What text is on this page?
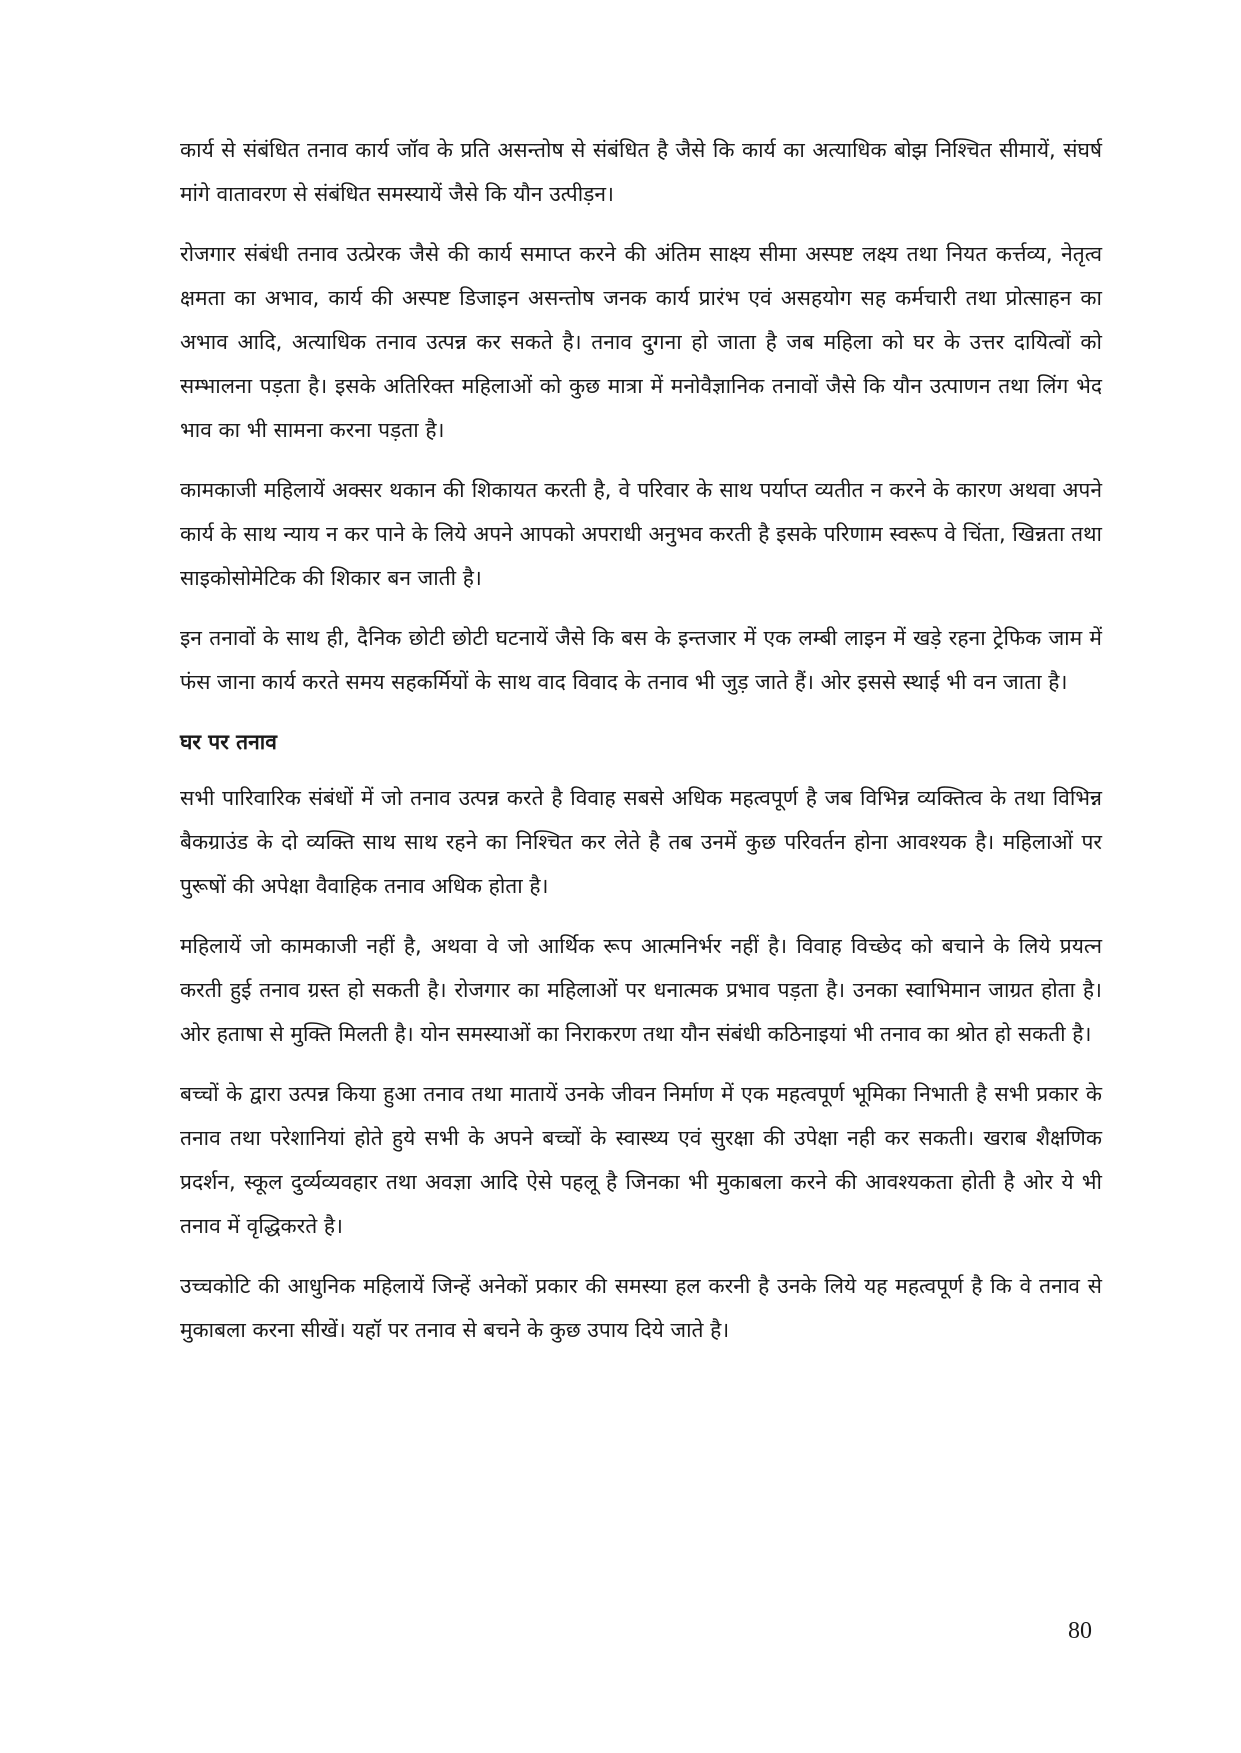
कार्य से संबंधित तनाव कार्य जॉव के प्रति असन्तोष से संबंधित है जैसे कि कार्य का अत्याधिक बोझ निश्चित सीमायें, संघर्ष मांगे वातावरण से संबंधित समस्यायें जैसे कि यौन उत्पीड़न।

रोजगार संबंधी तनाव उत्प्रेरक जैसे की कार्य समाप्त करने की अंतिम साक्ष्य सीमा अस्पष्ट लक्ष्य तथा नियत कर्त्तव्य, नेतृत्व क्षमता का अभाव, कार्य की अस्पष्ट डिजाइन असन्तोष जनक कार्य प्रारंभ एवं असहयोग सह कर्मचारी तथा प्रोत्साहन का अभाव आदि, अत्याधिक तनाव उत्पन्न कर सकते है। तनाव दुगना हो जाता है जब महिला को घर के उत्तर दायित्वों को सम्भालना पड़ता है। इसके अतिरिक्त महिलाओं को कुछ मात्रा में मनोवैज्ञानिक तनावों जैसे कि यौन उत्पाणन तथा लिंग भेद भाव का भी सामना करना पड़ता है।

कामकाजी महिलायें अक्सर थकान की शिकायत करती है, वे परिवार के साथ पर्याप्त व्यतीत न करने के कारण अथवा अपने कार्य के साथ न्याय न कर पाने के लिये अपने आपको अपराधी अनुभव करती है इसके परिणाम स्वरूप वे चिंता, खिन्नता तथा साइकोसोमेटिक की शिकार बन जाती है।

इन तनावों के साथ ही, दैनिक छोटी छोटी घटनायें जैसे कि बस के इन्तजार में एक लम्बी लाइन में खड़े रहना ट्रेफिक जाम में फंस जाना कार्य करते समय सहकर्मियों के साथ वाद विवाद के तनाव भी जुड़ जाते हैं। ओर इससे स्थाई भी वन जाता है।

घर पर तनाव

सभी पारिवारिक संबंधों में जो तनाव उत्पन्न करते है विवाह सबसे अधिक महत्वपूर्ण है जब विभिन्न व्यक्तित्व के तथा विभिन्न बैकग्राउंड के दो व्यक्ति साथ साथ रहने का निश्चित कर लेते है तब उनमें कुछ परिवर्तन होना आवश्यक है। महिलाओं पर पुरूषों की अपेक्षा वैवाहिक तनाव अधिक होता है।

महिलायें जो कामकाजी नहीं है, अथवा वे जो आर्थिक रूप आत्मनिर्भर नहीं है। विवाह विच्छेद को बचाने के लिये प्रयत्न करती हुई तनाव ग्रस्त हो सकती है। रोजगार का महिलाओं पर धनात्मक प्रभाव पड़ता है। उनका स्वाभिमान जाग्रत होता है। ओर हताषा से मुक्ति मिलती है। योन समस्याओं का निराकरण तथा यौन संबंधी कठिनाइयां भी तनाव का श्रोत हो सकती है।

बच्चों के द्वारा उत्पन्न किया हुआ तनाव तथा मातायें उनके जीवन निर्माण में एक महत्वपूर्ण भूमिका निभाती है सभी प्रकार के तनाव तथा परेशानियां होते हुये सभी के अपने बच्चों के स्वास्थ्य एवं सुरक्षा की उपेक्षा नही कर सकती। खराब शैक्षणिक प्रदर्शन, स्कूल दुर्व्यव्यवहार तथा अवज्ञा आदि ऐसे पहलू है जिनका भी मुकाबला करने की आवश्यकता होती है ओर ये भी तनाव में वृद्धिकरते है।

उच्चकोटि की आधुनिक महिलायें जिन्हें अनेकों प्रकार की समस्या हल करनी है उनके लिये यह महत्वपूर्ण है कि वे तनाव से मुकाबला करना सीखें। यहॉ पर तनाव से बचने के कुछ उपाय दिये जाते है।

80
